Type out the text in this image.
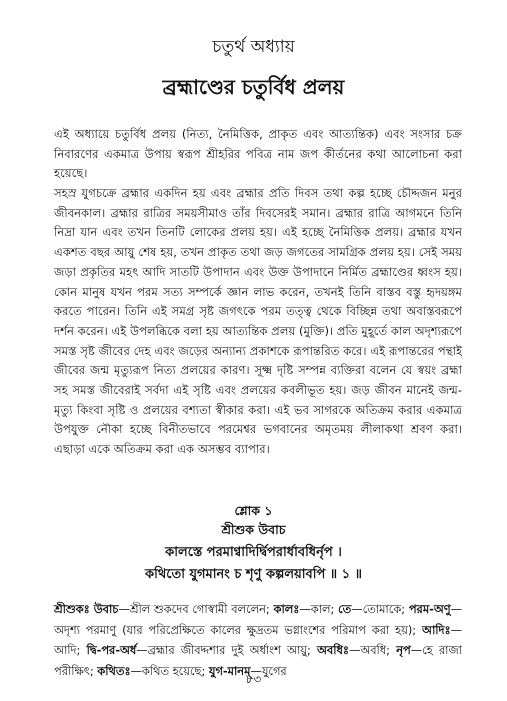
চতুর্থ অধ্যায়
ব্রহ্মাণ্ডের চতুর্বিধ প্রলয়

এই অধ্যায়ে চতুর্বিধ প্রলয় (নিত্য, নৈমিত্তিক, প্রাকৃত এবং আত্যন্তিক) এবং সংসার চক্র নিবারণের একমাত্র উপায় স্বরূপ শ্রীহরির পবিত্র নাম জপ কীর্তনের কথা আলোচনা করা হয়েছে।

সহস্র যুগচক্রে ব্রহ্মার একদিন হয় এবং ব্রহ্মার প্রতি দিবস তথা কল্প হচ্ছে চৌদ্দজন মনুর জীবনকাল। ব্রহ্মার রাত্রির সময়সীমাও তাঁর দিবসেরই সমান। ব্রহ্মার রাত্রি আগমনে তিনি নিদ্রা যান এবং তখন তিনটি লোকের প্রলয় হয়। এই হচ্ছে নৈমিত্তিক প্রলয়। ব্রহ্মার যখন একশত বছর আয়ু শেষ হয়, তখন প্রাকৃত তথা জড় জগতের সামগ্রিক প্রলয় হয়। সেই সময় জড়া প্রকৃতির মহৎ আদি সাতটি উপাদান এবং উক্ত উপাদানে নির্মিত ব্রহ্মাণ্ডের ধ্বংস হয়। কোন মানুষ যখন পরম সত্য সম্পর্কে জ্ঞান লাভ করেন, তখনই তিনি বাস্তব বস্তু হৃদয়ঙ্গম করতে পারেন। তিনি এই সমগ্র সৃষ্ট জগৎকে পরম তত্ত্ব থেকে বিচ্ছিন্ন তথা অবাস্তবরূপে দর্শন করেন। এই উপলব্ধিকে বলা হয় আত্যন্তিক প্রলয় (মুক্তি)। প্রতি মুহূর্তে কাল অদৃশ্যরূপে সমস্ত সৃষ্ট জীবের দেহ এবং জড়ের অন্যান্য প্রকাশকে রূপান্তরিত করে। এই রূপান্তরের পন্থাই জীবের জন্ম মৃত্যুরূপ নিত্য প্রলয়ের কারণ। সূক্ষ্ম দৃষ্টি সম্পন্ন ব্যক্তিরা বলেন যে স্বয়ং ব্রহ্মা সহ সমস্ত জীবেরাই সর্বদা এই সৃষ্টি এবং প্রলয়ের কবলীভূত হয়। জড় জীবন মানেই জন্ম-মৃত্যু কিংবা সৃষ্টি ও প্রলয়ের বশ্যতা স্বীকার করা। এই ভব সাগরকে অতিক্রম করার একমাত্র উপযুক্ত নৌকা হচ্ছে বিনীতভাবে পরমেশ্বর ভগবানের অমৃতময় লীলাকথা শ্রবণ করা। এছাড়া একে অতিক্রম করা এক অসম্ভব ব্যাপার।

শ্লোক ১
শ্রীশুক উবাচ
কালস্তে পরমাণ্বাদির্দ্বিপরার্ধাবধির্নৃপ ।
কথিতো যুগমানং চ শৃণু কল্পলয়াবপি ॥ ১ ॥

শ্রীশুকঃ উবাচ—শ্রীল শুকদেব গোস্বামী বললেন; কালঃ—কাল; তে—তোমাকে; পরম-অণু—অদৃশ্য পরমাণু (যার পরিপ্রেক্ষিতে কালের ক্ষুদ্রতম ভগ্নাংশের পরিমাপ করা হয়); আদিঃ—আদি; দ্বি-পর-অর্ধ—ব্রহ্মার জীবদ্দশার দুই অর্ধাংশ আয়ু; অবধিঃ—অবধি; নৃপ—হে রাজা পরীক্ষিৎ; কথিতঃ—কথিত হয়েছে; যুগ-মানম্—যুগের

৮৩
